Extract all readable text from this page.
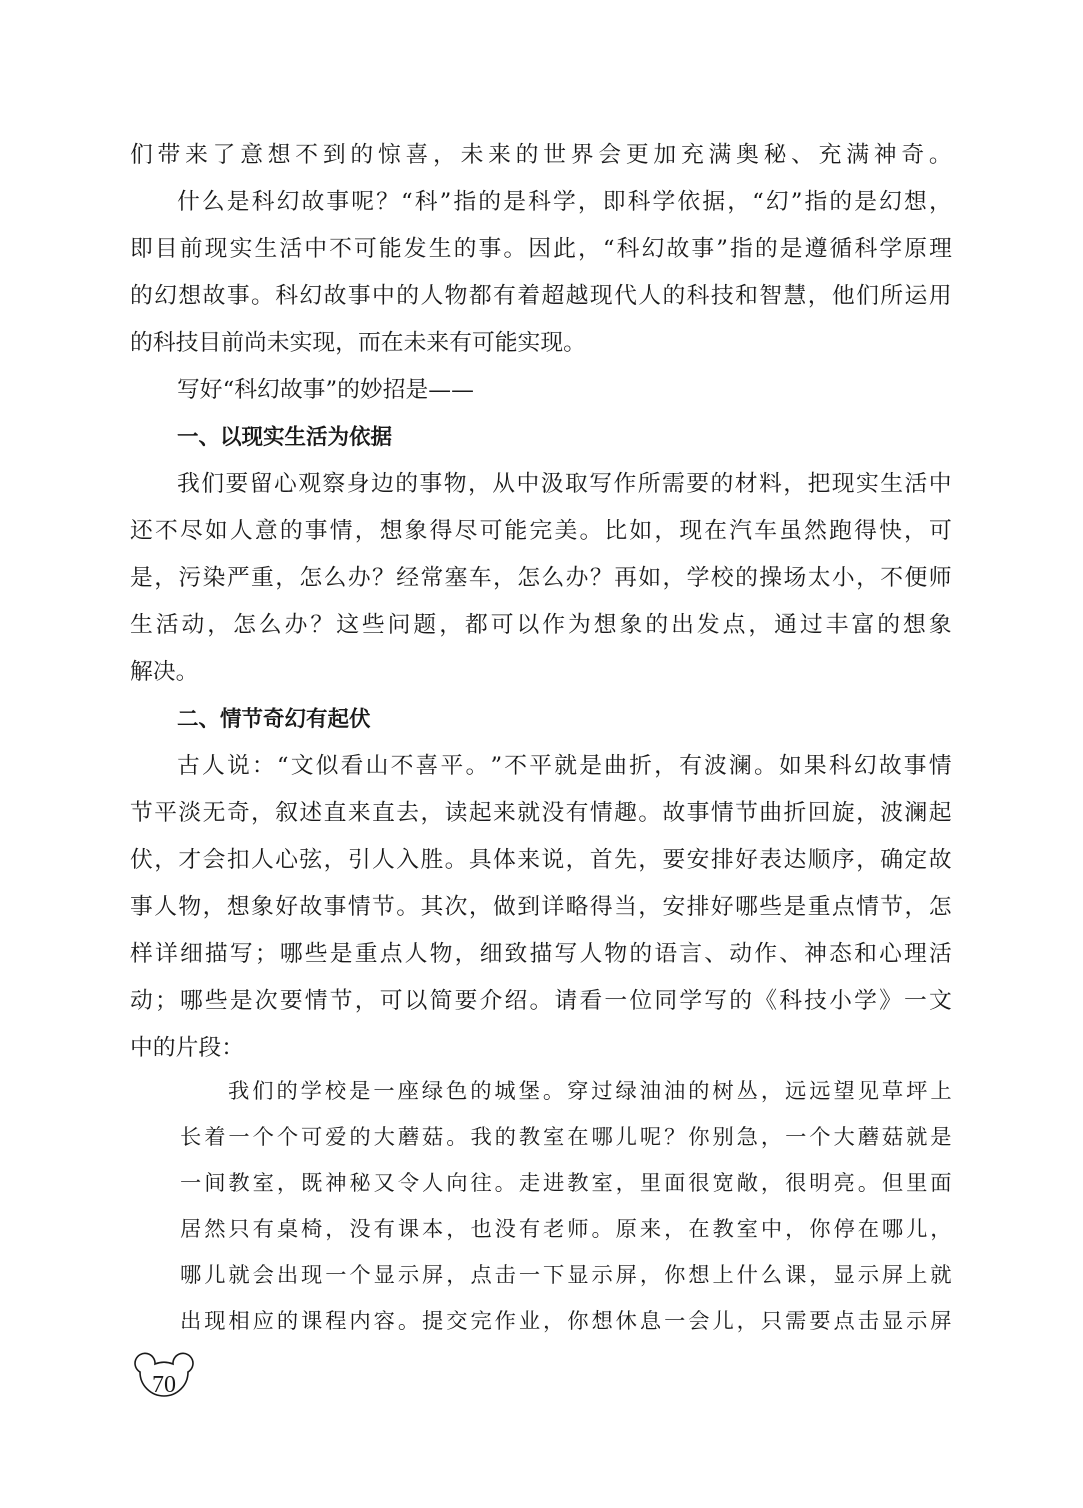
们 带 来 了 意 想 不 到 的 惊 喜 ， 未 来 的 世 界 会 更 加 充 满 奥 秘 、 充 满 神 奇 。
什 么 是 科 幻 故 事 呢 ？ “ 科 ” 指 的 是 科 学 ， 即 科 学 依 据 ， “ 幻 ” 指 的 是 幻 想 ，
即 目 前 现 实 生 活 中 不 可 能 发 生 的 事 。 因 此 ， “ 科 幻 故 事 ” 指 的 是 遵 循 科 学 原 理
的 幻 想 故 事 。 科 幻 故 事 中 的 人 物 都 有 着 超 越 现 代 人 的 科 技 和 智 慧 ， 他 们 所 运 用
的 科 技 目 前 尚 未 实 现 ， 而 在 未 来 有 可 能 实 现 。
写 好 “ 科 幻 故 事 ” 的 妙 招 是 — —
一、以现实生活为依据
我 们 要 留 心 观 察 身 边 的 事 物 ， 从 中 汲 取 写 作 所 需 要 的 材 料 ， 把 现 实 生 活 中
还 不 尽 如 人 意 的 事 情 ， 想 象 得 尽 可 能 完 美 。 比 如 ， 现 在 汽 车 虽 然 跑 得 快 ， 可
是 ， 污 染 严 重 ， 怎 么 办 ？ 经 常 塞 车 ， 怎 么 办 ？ 再 如 ， 学 校 的 操 场 太 小 ， 不 便 师
生 活 动 ， 怎 么 办 ？ 这 些 问 题 ， 都 可 以 作 为 想 象 的 出 发 点 ， 通 过 丰 富 的 想 象
解 决 。
二、情节奇幻有起伏
古 人 说 ： “ 文 似 看 山 不 喜 平 。 ” 不 平 就 是 曲 折 ， 有 波 澜 。 如 果 科 幻 故 事 情
节 平 淡 无 奇 ， 叙 述 直 来 直 去 ， 读 起 来 就 没 有 情 趣 。 故 事 情 节 曲 折 回 旋 ， 波 澜 起
伏 ， 才 会 扣 人 心 弦 ， 引 人 入 胜 。 具 体 来 说 ， 首 先 ， 要 安 排 好 表 达 顺 序 ， 确 定 故
事 人 物 ， 想 象 好 故 事 情 节 。 其 次 ， 做 到 详 略 得 当 ， 安 排 好 哪 些 是 重 点 情 节 ， 怎
样 详 细 描 写 ； 哪 些 是 重 点 人 物 ， 细 致 描 写 人 物 的 语 言 、 动 作 、 神 态 和 心 理 活
动 ； 哪 些 是 次 要 情 节 ， 可 以 简 要 介 绍 。 请 看 一 位 同 学 写 的 《 科 技 小 学 》 一 文
中 的 片 段 ：
我 们 的 学 校 是 一 座 绿 色 的 城 堡 。 穿 过 绿 油 油 的 树 丛 ， 远 远 望 见 草 坪 上
长 着 一 个 个 可 爱 的 大 蘑 菇 。 我 的 教 室 在 哪 儿 呢 ？ 你 别 急 ， 一 个 大 蘑 菇 就 是
一 间 教 室 ， 既 神 秘 又 令 人 向 往 。 走 进 教 室 ， 里 面 很 宽 敞 ， 很 明 亮 。 但 里 面
居 然 只 有 桌 椅 ， 没 有 课 本 ， 也 没 有 老 师 。 原 来 ， 在 教 室 中 ， 你 停 在 哪 儿 ，
哪 儿 就 会 出 现 一 个 显 示 屏 ， 点 击 一 下 显 示 屏 ， 你 想 上 什 么 课 ， 显 示 屏 上 就
出 现 相 应 的 课 程 内 容 。 提 交 完 作 业 ， 你 想 休 息 一 会 儿 ， 只 需 要 点 击 显 示 屏
70
